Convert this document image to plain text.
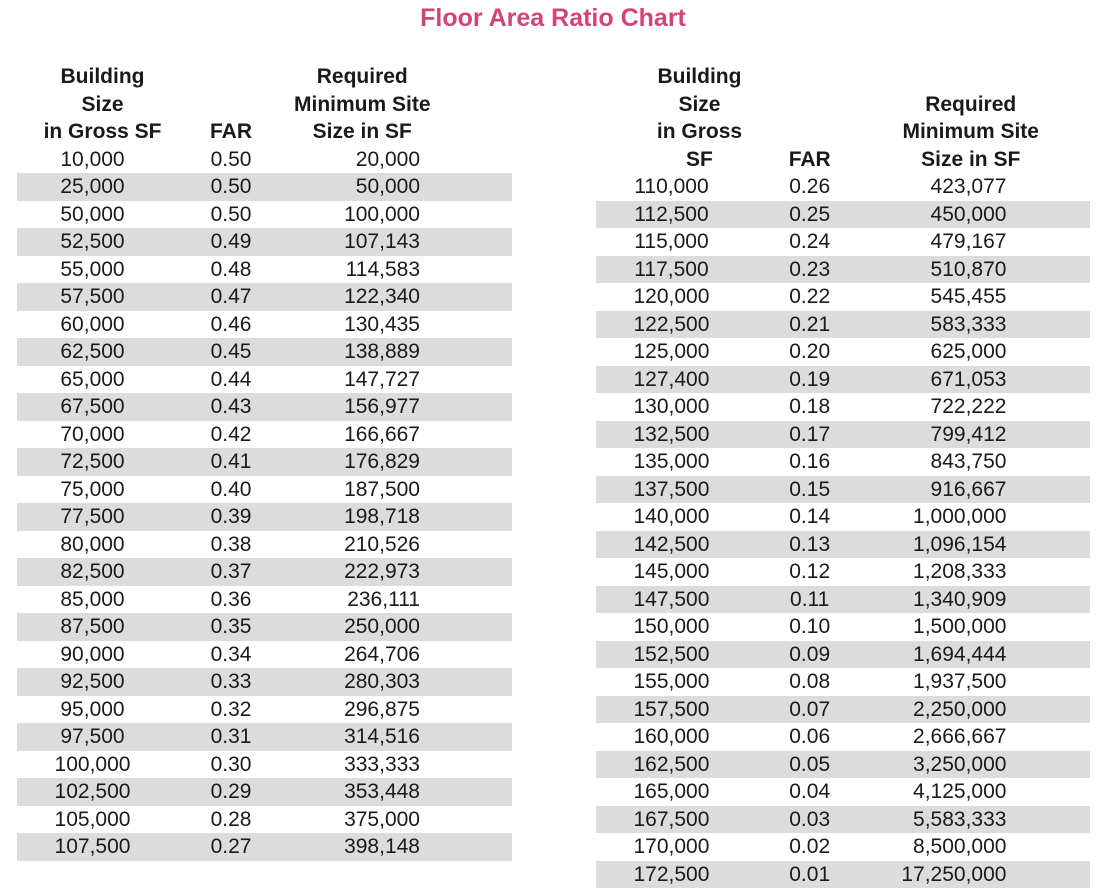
Floor Area Ratio Chart
Building Size
in Gross SF	FAR	Required
Minimum Site
Size in SF
10,000	0.50	20,000
25,000	0.50	50,000
50,000	0.50	100,000
52,500	0.49	107,143
55,000	0.48	114,583
57,500	0.47	122,340
60,000	0.46	130,435
62,500	0.45	138,889
65,000	0.44	147,727
67,500	0.43	156,977
70,000	0.42	166,667
72,500	0.41	176,829
75,000	0.40	187,500
77,500	0.39	198,718
80,000	0.38	210,526
82,500	0.37	222,973
85,000	0.36	236,111
87,500	0.35	250,000
90,000	0.34	264,706
92,500	0.33	280,303
95,000	0.32	296,875
97,500	0.31	314,516
100,000	0.30	333,333
102,500	0.29	353,448
105,000	0.28	375,000
107,500	0.27	398,148
Building Size
in Gross SF	FAR	Required
Minimum Site
Size in SF
110,000	0.26	423,077
112,500	0.25	450,000
115,000	0.24	479,167
117,500	0.23	510,870
120,000	0.22	545,455
122,500	0.21	583,333
125,000	0.20	625,000
127,400	0.19	671,053
130,000	0.18	722,222
132,500	0.17	799,412
135,000	0.16	843,750
137,500	0.15	916,667
140,000	0.14	1,000,000
142,500	0.13	1,096,154
145,000	0.12	1,208,333
147,500	0.11	1,340,909
150,000	0.10	1,500,000
152,500	0.09	1,694,444
155,000	0.08	1,937,500
157,500	0.07	2,250,000
160,000	0.06	2,666,667
162,500	0.05	3,250,000
165,000	0.04	4,125,000
167,500	0.03	5,583,333
170,000	0.02	8,500,000
172,500	0.01	17,250,000
